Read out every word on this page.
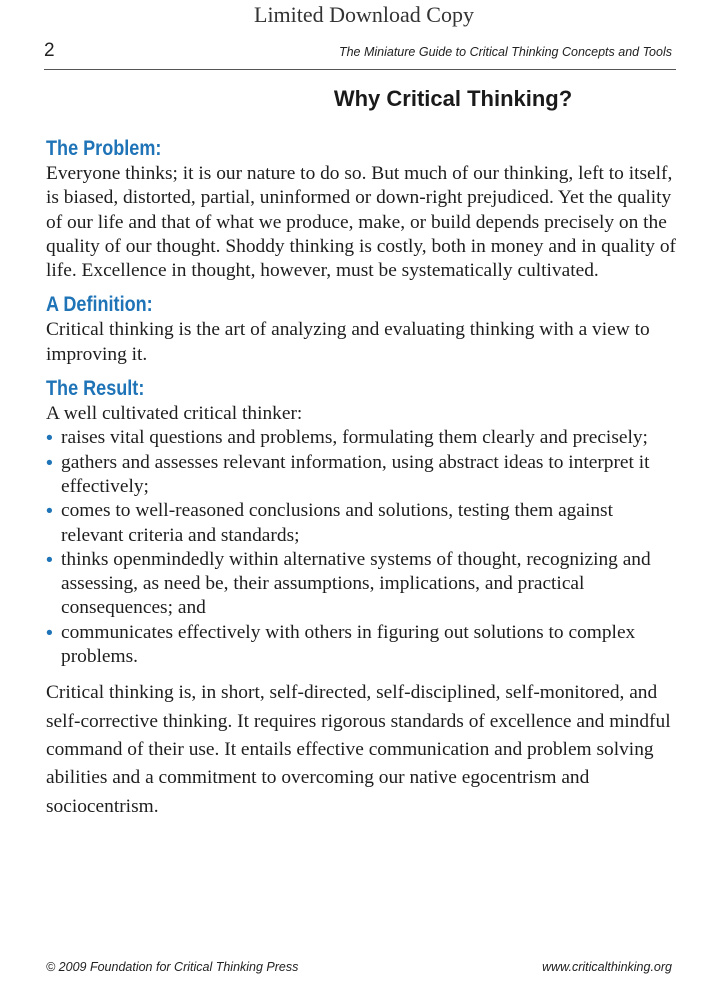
Limited Download Copy
2	The Miniature Guide to Critical Thinking Concepts and Tools
Why Critical Thinking?
The Problem:

Everyone thinks; it is our nature to do so. But much of our thinking, left to itself, is biased, distorted, partial, uninformed or down-right prejudiced. Yet the quality of our life and that of what we produce, make, or build depends precisely on the quality of our thought. Shoddy thinking is costly, both in money and in quality of life. Excellence in thought, however, must be systematically cultivated.

A Definition:

Critical thinking is the art of analyzing and evaluating thinking with a view to improving it.

The Result:

A well cultivated critical thinker:

• raises vital questions and problems, formulating them clearly and precisely;
• gathers and assesses relevant information, using abstract ideas to interpret it effectively;
• comes to well-reasoned conclusions and solutions, testing them against relevant criteria and standards;
• thinks openmindedly within alternative systems of thought, recognizing and assessing, as need be, their assumptions, implications, and practical consequences; and
• communicates effectively with others in figuring out solutions to complex problems.

Critical thinking is, in short, self-directed, self-disciplined, self-monitored, and self-corrective thinking. It requires rigorous standards of excellence and mindful command of their use. It entails effective communication and problem solving abilities and a commitment to overcoming our native egocentrism and sociocentrism.

© 2009 Foundation for Critical Thinking Press	www.criticalthinking.org
